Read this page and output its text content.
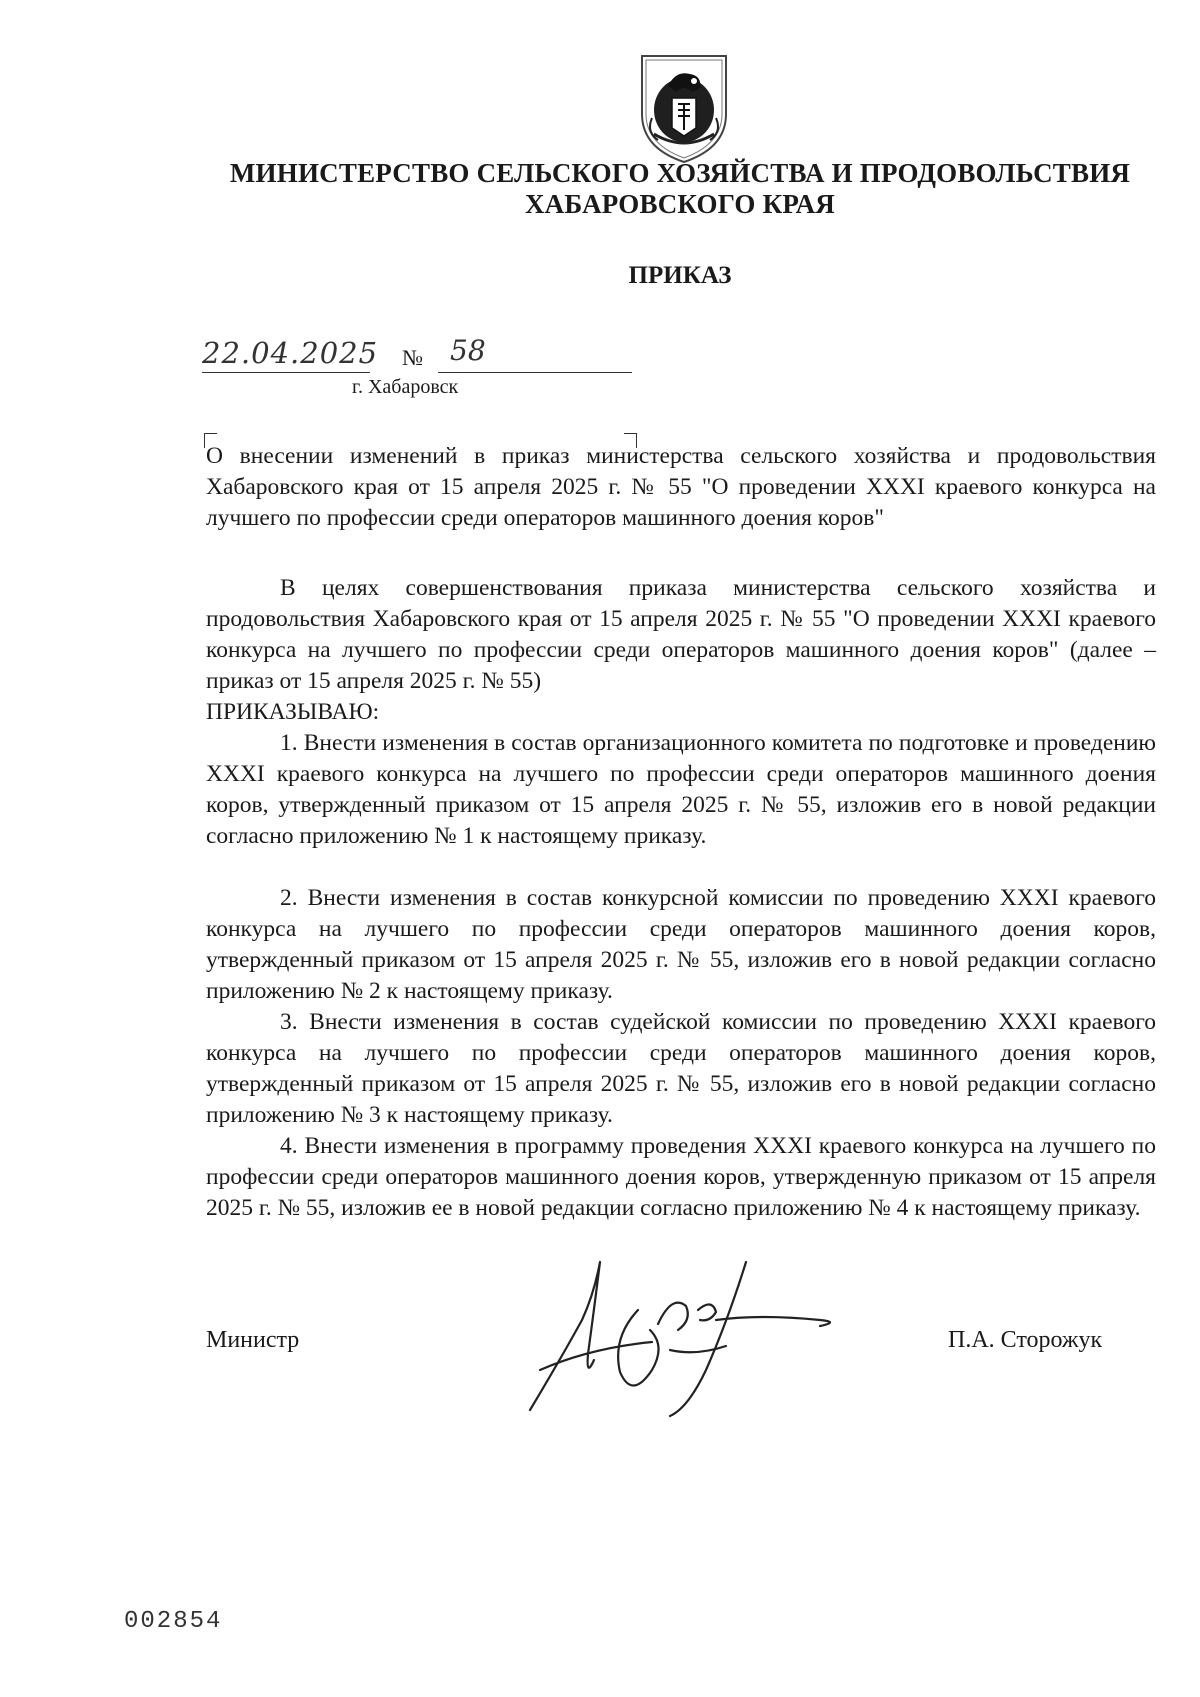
МИНИСТЕРСТВО СЕЛЬСКОГО ХОЗЯЙСТВА И ПРОДОВОЛЬСТВИЯ
ХАБАРОВСКОГО КРАЯ
ПРИКАЗ
22.04.2025 № 58
г. Хабаровск
О внесении изменений в приказ министерства сельского хозяйства и продовольствия Хабаровского края от 15 апреля 2025 г. № 55 "О проведении XXXI краевого конкурса на лучшего по профессии среди операторов машинного доения коров"
В целях совершенствования приказа министерства сельского хозяйства и продовольствия Хабаровского края от 15 апреля 2025 г. № 55 "О проведении XXXI краевого конкурса на лучшего по профессии среди операторов машинного доения коров" (далее – приказ от 15 апреля 2025 г. № 55)
ПРИКАЗЫВАЮ:
1. Внести изменения в состав организационного комитета по подготовке и проведению XXXI краевого конкурса на лучшего по профессии среди операторов машинного доения коров, утвержденный приказом от 15 апреля 2025 г. № 55, изложив его в новой редакции согласно приложению № 1 к настоящему приказу.
2. Внести изменения в состав конкурсной комиссии по проведению XXXI краевого конкурса на лучшего по профессии среди операторов машинного доения коров, утвержденный приказом от 15 апреля 2025 г. № 55, изложив его в новой редакции согласно приложению № 2 к настоящему приказу.
3. Внести изменения в состав судейской комиссии по проведению XXXI краевого конкурса на лучшего по профессии среди операторов машинного доения коров, утвержденный приказом от 15 апреля 2025 г. № 55, изложив его в новой редакции согласно приложению № 3 к настоящему приказу.
4. Внести изменения в программу проведения XXXI краевого конкурса на лучшего по профессии среди операторов машинного доения коров, утвержденную приказом от 15 апреля 2025 г. № 55, изложив ее в новой редакции согласно приложению № 4 к настоящему приказу.
Министр	П.А. Сторожук
002854
